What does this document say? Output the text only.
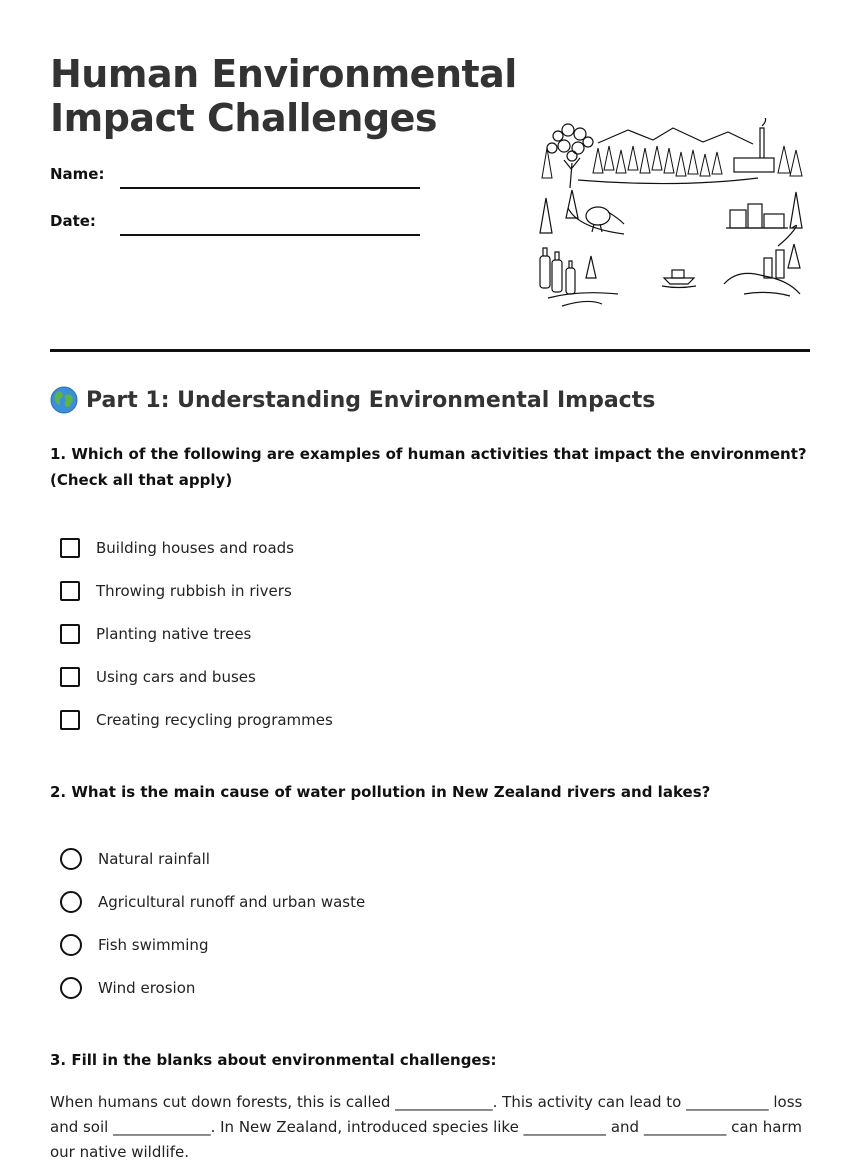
Human Environmental
Impact Challenges
Name:
Date:
Part 1: Understanding Environmental Impacts

1. Which of the following are examples of human activities that impact the environment? (Check all that apply)

Building houses and roads
Throwing rubbish in rivers
Planting native trees
Using cars and buses
Creating recycling programmes

2. What is the main cause of water pollution in New Zealand rivers and lakes?

Natural rainfall
Agricultural runoff and urban waste
Fish swimming
Wind erosion

3. Fill in the blanks about environmental challenges:

When humans cut down forests, this is called _____________. This activity can lead to ___________ loss and soil _____________. In New Zealand, introduced species like ___________ and ___________ can harm our native wildlife.
